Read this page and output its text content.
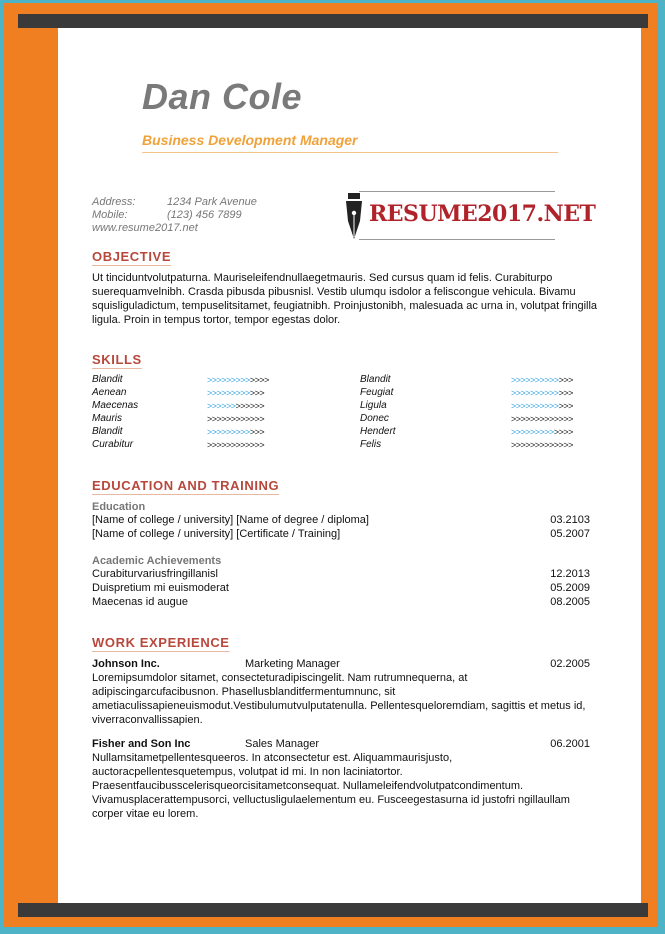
Dan Cole
Business Development Manager
Address:	1234 Park Avenue
Mobile:	(123) 456 7899
www.resume2017.net
RESUME2017.NET
OBJECTIVE
Ut tinciduntvolutpaturna. Mauriseleifendnullaegetmauris. Sed cursus quam id felis. Curabiturpo suerequamvelnibh. Crasda pibusda pibusnisl. Vestib ulumqu isdolor a feliscongue vehicula. Bivamu squisliguladictum, tempuselitsitamet, feugiatnibh. Proinjustonibh, malesuada ac urna in, volutpat fringilla ligula. Proin in tempus tortor, tempor egestas dolor.
SKILLS
Blandit	>>>>>>>>>>>>>
Aenean	>>>>>>>>>>>>
Maecenas	>>>>>>>>>>>>
Mauris	>>>>>>>>>>>>
Blandit	>>>>>>>>>>>>
Curabitur	>>>>>>>>>>>>
Blandit	>>>>>>>>>>>>>
Feugiat	>>>>>>>>>>>>>
Ligula	>>>>>>>>>>>>>
Donec	>>>>>>>>>>>>>
Hendert	>>>>>>>>>>>>>
Felis	>>>>>>>>>>>>>
EDUCATION AND TRAINING
Education
[Name of college / university] [Name of degree / diploma]	03.2103
[Name of college / university] [Certificate / Training]	05.2007
Academic Achievements
Curabiturvariusfringillanisl	12.2013
Duispretium mi euismoderat	05.2009
Maecenas id augue	08.2005
WORK EXPERIENCE
Johnson Inc.	Marketing Manager	02.2005
Loremipsumdolor sitamet, consecteturadipiscingelit. Nam rutrumnequerna, at adipiscingarcufacibusnon. Phasellusblanditfermentumnunc, sit ametiaculissapieneuismodut.Vestibulumutvulputatenulla. Pellentesqueloremdiam, sagittis et metus id, viverraconvallissapien.
Fisher and Son Inc	Sales Manager	06.2001
Nullamsitametpellentesqueeros. In atconsectetur est. Aliquammaurisjusto, auctoracpellentesquetempus, volutpat id mi. In non laciniatortor. Praesentfaucibusscelerisqueorcisitametconsequat. Nullameleifendvolutpatcondimentum. Vivamusplacerattempusorci, velluctusligulaelementum eu. Fusceegestasurna id justofri ngillaullam corper vitae eu lorem.
